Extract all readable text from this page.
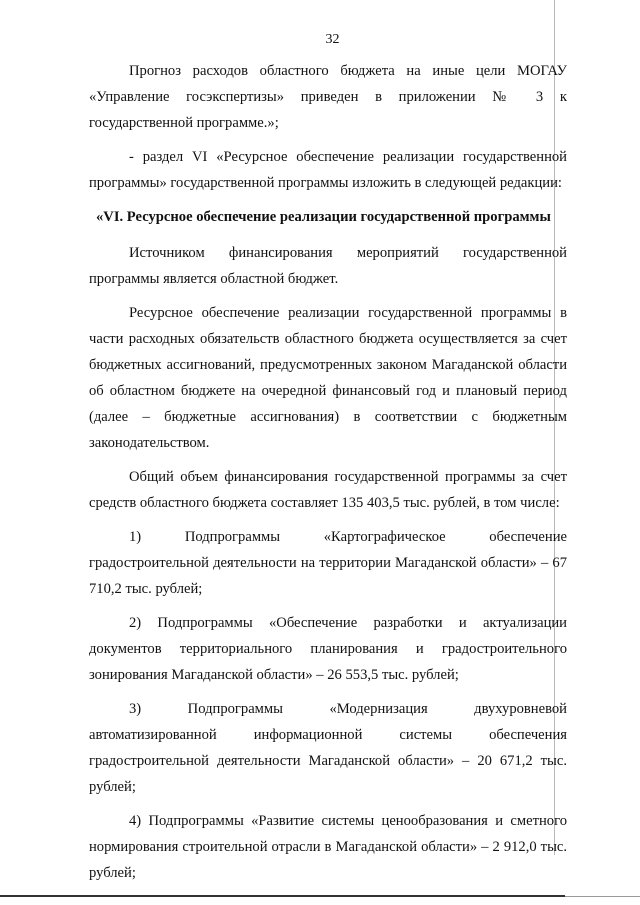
32

Прогноз расходов областного бюджета на иные цели МОГАУ «Управление госэкспертизы» приведен в приложении № 3 к государственной программе.»;

- раздел VI «Ресурсное обеспечение реализации государственной программы» государственной программы изложить в следующей редакции:

«VI. Ресурсное обеспечение реализации государственной программы

Источником финансирования мероприятий государственной программы является областной бюджет.

Ресурсное обеспечение реализации государственной программы в части расходных обязательств областного бюджета осуществляется за счет бюджетных ассигнований, предусмотренных законом Магаданской области об областном бюджете на очередной финансовый год и плановый период (далее – бюджетные ассигнования) в соответствии с бюджетным законодательством.

Общий объем финансирования государственной программы за счет средств областного бюджета составляет 135 403,5 тыс. рублей, в том числе:

1) Подпрограммы «Картографическое обеспечение градостроительной деятельности на территории Магаданской области» – 67 710,2 тыс. рублей;

2) Подпрограммы «Обеспечение разработки и актуализации документов территориального планирования и градостроительного зонирования Магаданской области» – 26 553,5 тыс. рублей;

3) Подпрограммы «Модернизация двухуровневой автоматизированной информационной системы обеспечения градостроительной деятельности Магаданской области» – 20 671,2 тыс. рублей;

4) Подпрограммы «Развитие системы ценообразования и сметного нормирования строительной отрасли в Магаданской области» – 2 912,0 тыс. рублей;
